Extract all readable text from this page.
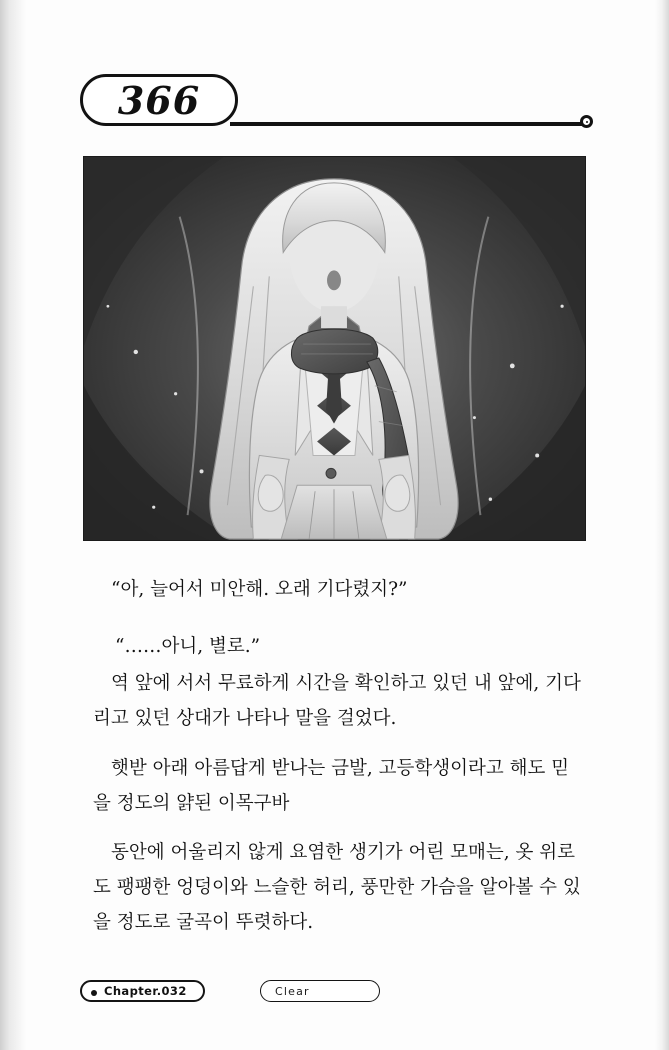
366

“아, 늘어서 미안해. 오래 기다렸지?”

“……아니, 별로.”

역 앞에 서서 무료하게 시간을 확인하고 있던 내 앞에, 기다리고 있던 상대가 나타나 말을 걸었다.

햇받 아래 아름답게 받나는 금발, 고등학생이라고 해도 믿을 정도의 얅된 이목구바

동안에 어울리지 않게 요염한 생기가 어린 모매는, 옷 위로도 팽팽한 엉덩이와 느슬한 허리, 풍만한 가슴을 알아볼 수 있을 정도로 굴곡이 뚜렷하다.

Chapter.032	Clear
